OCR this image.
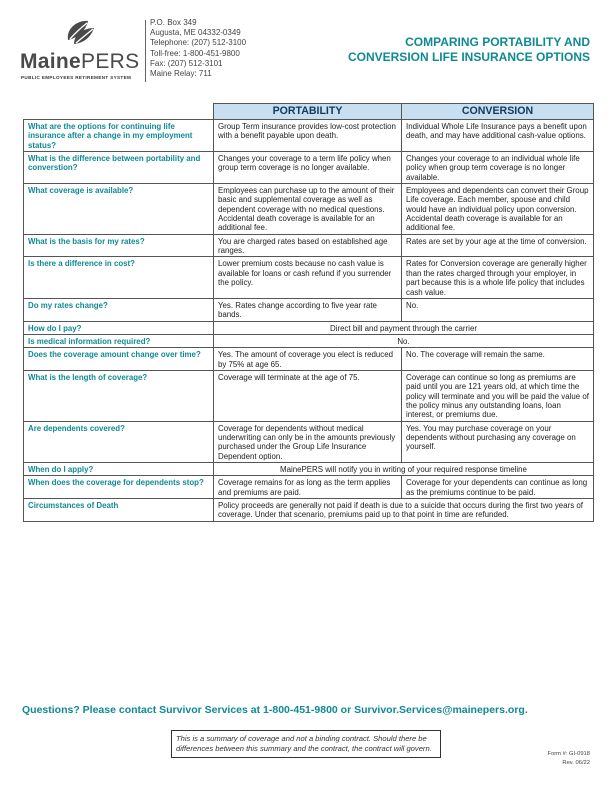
MainePERS
PUBLIC EMPLOYEES RETIREMENT SYSTEM
P.O. Box 349
Augusta, ME 04332-0349
Telephone: (207) 512-3100
Toll-free: 1-800-451-9800
Fax: (207) 512-3101
Maine Relay: 711
COMPARING PORTABILITY AND
CONVERSION LIFE INSURANCE OPTIONS
	PORTABILITY	CONVERSION
What are the options for continuing life insurance after a change in my employment status?	Group Term insurance provides low-cost protection with a benefit payable upon death.	Individual Whole Life Insurance pays a benefit upon death, and may have additional cash-value options.
What is the difference between portability and converstion?	Changes your coverage to a term life policy when group term coverage is no longer available.	Changes your coverage to an individual whole life policy when group term coverage is no longer available.
What coverage is available?	Employees can purchase up to the amount of their basic and supplemental coverage as well as dependent coverage with no medical questions. Accidental death coverage is available for an additional fee.	Employees and dependents can convert their Group Life coverage. Each member, spouse and child would have an individual policy upon conversion. Accidental death coverage is available for an additional fee.
What is the basis for my rates?	You are charged rates based on established age ranges.	Rates are set by your age at the time of conversion.
Is there a difference in cost?	Lower premium costs because no cash value is available for loans or cash refund if you surrender the policy.	Rates for Conversion coverage are generally higher than the rates charged through your employer, in part because this is a whole life policy that includes cash value.
Do my rates change?	Yes. Rates change according to five year rate bands.	No.
How do I pay?	Direct bill and payment through the carrier	
Is medical information required?	No.	
Does the coverage amount change over time?	Yes. The amount of coverage you elect is reduced by 75% at age 65.	No. The coverage will remain the same.
What is the length of coverage?	Coverage will terminate at the age of 75.	Coverage can continue so long as premiums are paid until you are 121 years old, at which time the policy will terminate and you will be paid the value of the policy minus any outstanding loans, loan interest, or premiums due.
Are dependents covered?	Coverage for dependents without medical underwriting can only be in the amounts previously purchased under the Group Life Insurance Dependent option.	Yes. You may purchase coverage on your dependents without purchasing any coverage on yourself.
When do I apply?	MainePERS will notify you in writing of your required response timeline	
When does the coverage for dependents stop?	Coverage remains for as long as the term applies and premiums are paid.	Coverage for your dependents can continue as long as the premiums continue to be paid.
Circumstances of Death	Policy proceeds are generally not paid if death is due to a suicide that occurs during the first two years of coverage. Under that scenario, premiums paid up to that point in time are refunded.	
Questions? Please contact Survivor Services at 1-800-451-9800 or Survivor.Services@mainepers.org.
This is a summary of coverage and not a binding contract. Should there be differences between this summary and the contract, the contract will govern.
Form #: GI-0918
Rev. 06/22
